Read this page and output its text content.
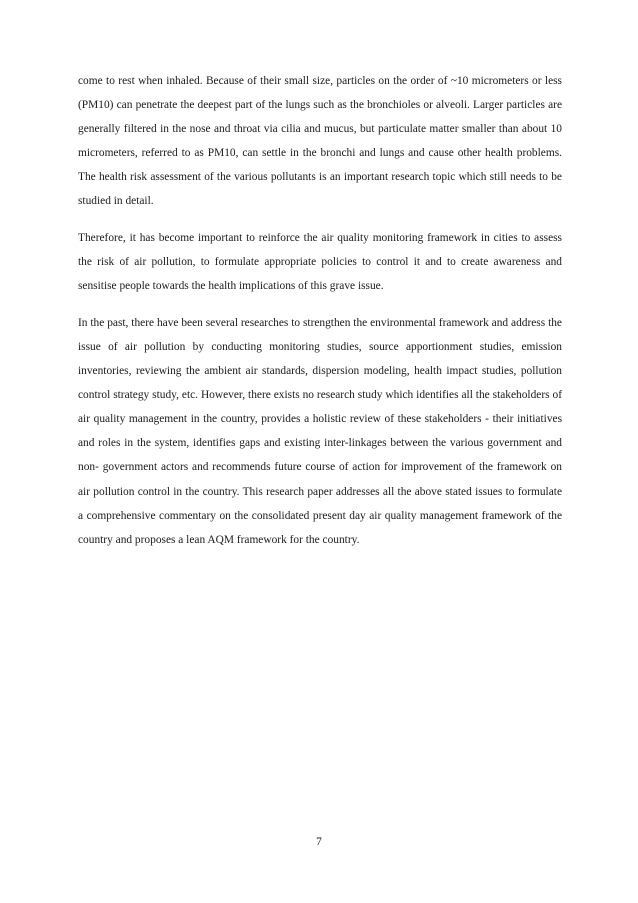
come to rest when inhaled. Because of their small size, particles on the order of ~10 micrometers or less (PM10) can penetrate the deepest part of the lungs such as the bronchioles or alveoli. Larger particles are generally filtered in the nose and throat via cilia and mucus, but particulate matter smaller than about 10 micrometers, referred to as PM10, can settle in the bronchi and lungs and cause other health problems. The health risk assessment of the various pollutants is an important research topic which still needs to be studied in detail.

Therefore, it has become important to reinforce the air quality monitoring framework in cities to assess the risk of air pollution, to formulate appropriate policies to control it and to create awareness and sensitise people towards the health implications of this grave issue.

In the past, there have been several researches to strengthen the environmental framework and address the issue of air pollution by conducting monitoring studies, source apportionment studies, emission inventories, reviewing the ambient air standards, dispersion modeling, health impact studies, pollution control strategy study, etc. However, there exists no research study which identifies all the stakeholders of air quality management in the country, provides a holistic review of these stakeholders - their initiatives and roles in the system, identifies gaps and existing inter-linkages between the various government and non- government actors and recommends future course of action for improvement of the framework on air pollution control in the country. This research paper addresses all the above stated issues to formulate a comprehensive commentary on the consolidated present day air quality management framework of the country and proposes a lean AQM framework for the country.

7
